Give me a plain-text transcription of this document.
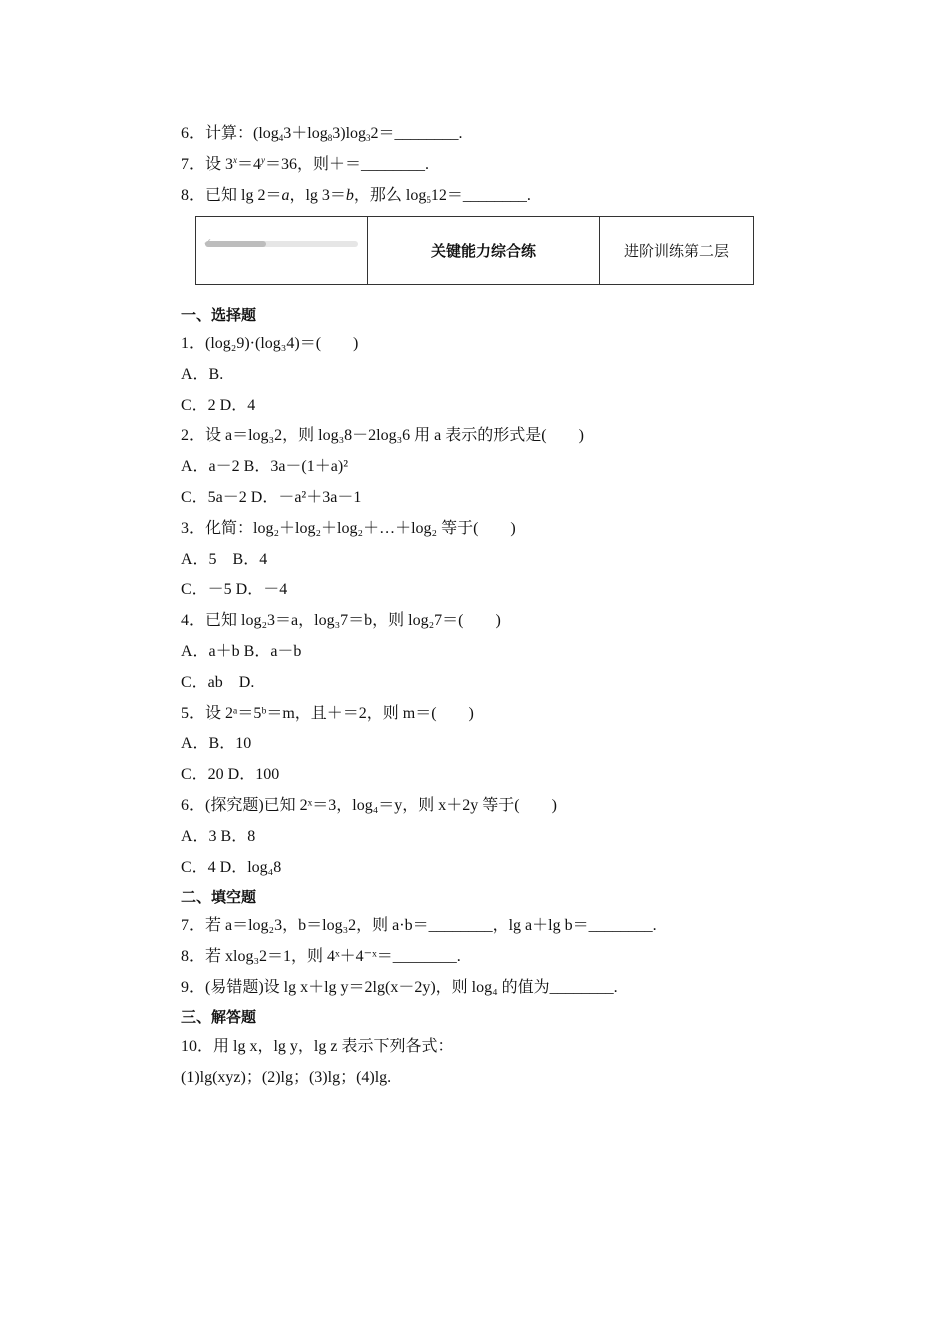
6．计算：(log43＋log83)log32＝________.
7．设 $3^x=4^y=36$，则＋＝________.
8．已知 lg 2＝a，lg 3＝b，那么 log512＝________.
✓	关键能力综合练	进阶训练第二层
一、选择题
1．(log₂9)·(log₃4)＝(　　)
A．B.
C．2 D．4
2．设 a＝log₃2，则 log₃8－2log₃6 用 a 表示的形式是(　　)
A．a－2 B．3a－(1＋a)²
C．5a－2 D．－a²＋3a－1
3．化简：log₂＋log₂＋log₂＋…＋log₂ 等于(　　)
A．5　B．4
C．－5 D．－4
4．已知 log₂3＝a，log₃7＝b，则 log₂7＝(　　)
A．a＋b B．a－b
C．ab　D.
5．设 2ᵃ＝5ᵇ＝m，且＋＝2，则 m＝(　　)
A．B．10
C．20 D．100
6．(探究题)已知 2ˣ＝3，log₄＝y，则 x＋2y 等于(　　)
A．3 B．8
C．4 D．log₄8
二、填空题
7．若 a＝log₂3，b＝log₃2，则 a·b＝________，lg a＋lg b＝________.
8．若 xlog₃2＝1，则 4ˣ＋4⁻ˣ＝________.
9．(易错题)设 lg x＋lg y＝2lg(x－2y)，则 log₄ 的值为________.
三、解答题
10．用 lg x，lg y，lg z 表示下列各式：
(1)lg(xyz)；(2)lg；(3)lg；(4)lg.
